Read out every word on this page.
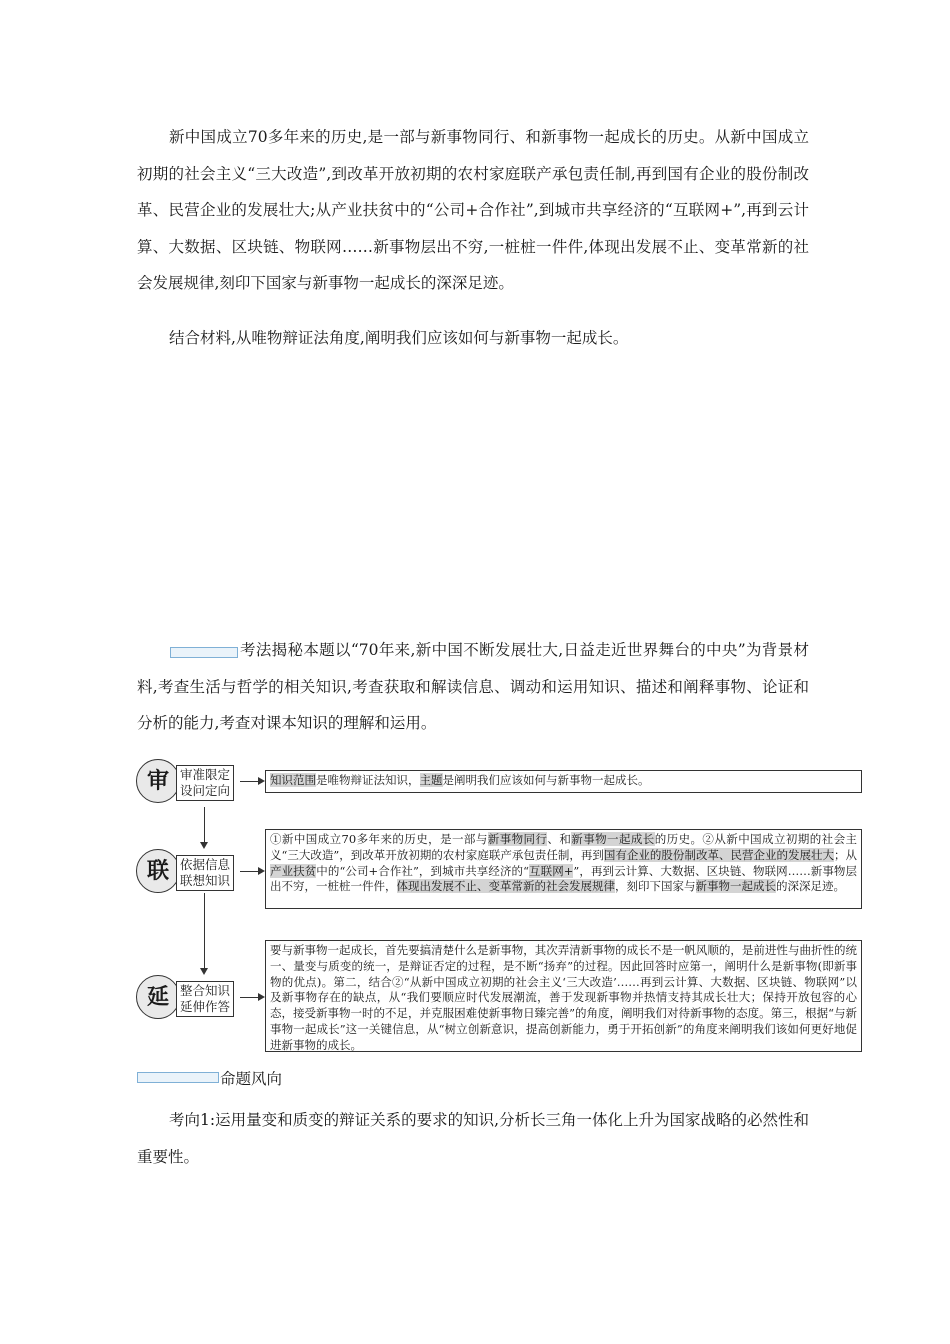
新中国成立70多年来的历史,是一部与新事物同行、和新事物一起成长的历史。从新中国成立初期的社会主义“三大改造”,到改革开放初期的农村家庭联产承包责任制,再到国有企业的股份制改革、民营企业的发展壮大;从产业扶贫中的“公司+合作社”,到城市共享经济的“互联网+”,再到云计算、大数据、区块链、物联网……新事物层出不穷,一桩桩一件件,体现出发展不止、变革常新的社会发展规律,刻印下国家与新事物一起成长的深深足迹。

结合材料,从唯物辩证法角度,阐明我们应该如何与新事物一起成长。

考法揭秘本题以“70年来,新中国不断发展壮大,日益走近世界舞台的中央”为背景材料,考查生活与哲学的相关知识,考查获取和解读信息、调动和运用知识、描述和阐释事物、论证和分析的能力,考查对课本知识的理解和运用。

审 审准限定
设问定向
知识范围是唯物辩证法知识，主题是阐明我们应该如何与新事物一起成长。
联 依据信息
联想知识
①新中国成立70多年来的历史，是一部与新事物同行、和新事物一起成长的历史。②从新中国成立初期的社会主义“三大改造”，到改革开放初期的农村家庭联产承包责任制，再到国有企业的股份制改革、民营企业的发展壮大；从产业扶贫中的“公司+合作社”，到城市共享经济的“互联网+”，再到云计算、大数据、区块链、物联网……新事物层出不穷，一桩桩一件件，体现出发展不止、变革常新的社会发展规律，刻印下国家与新事物一起成长的深深足迹。
延 整合知识
延伸作答
要与新事物一起成长，首先要搞清楚什么是新事物，其次弄清新事物的成长不是一帆风顺的，是前进性与曲折性的统一、量变与质变的统一，是辩证否定的过程，是不断“扬弃”的过程。因此回答时应第一，阐明什么是新事物(即新事物的优点)。第二，结合②“从新中国成立初期的社会主义‘三大改造’……再到云计算、大数据、区块链、物联网”以及新事物存在的缺点，从“我们要顺应时代发展潮流，善于发现新事物并热情支持其成长壮大；保持开放包容的心态，接受新事物一时的不足，并克服困难使新事物日臻完善”的角度，阐明我们对待新事物的态度。第三，根据“与新事物一起成长”这一关键信息，从“树立创新意识，提高创新能力，勇于开拓创新”的角度来阐明我们该如何更好地促进新事物的成长。
命题风向

考向1:运用量变和质变的辩证关系的要求的知识,分析长三角一体化上升为国家战略的必然性和重要性。
